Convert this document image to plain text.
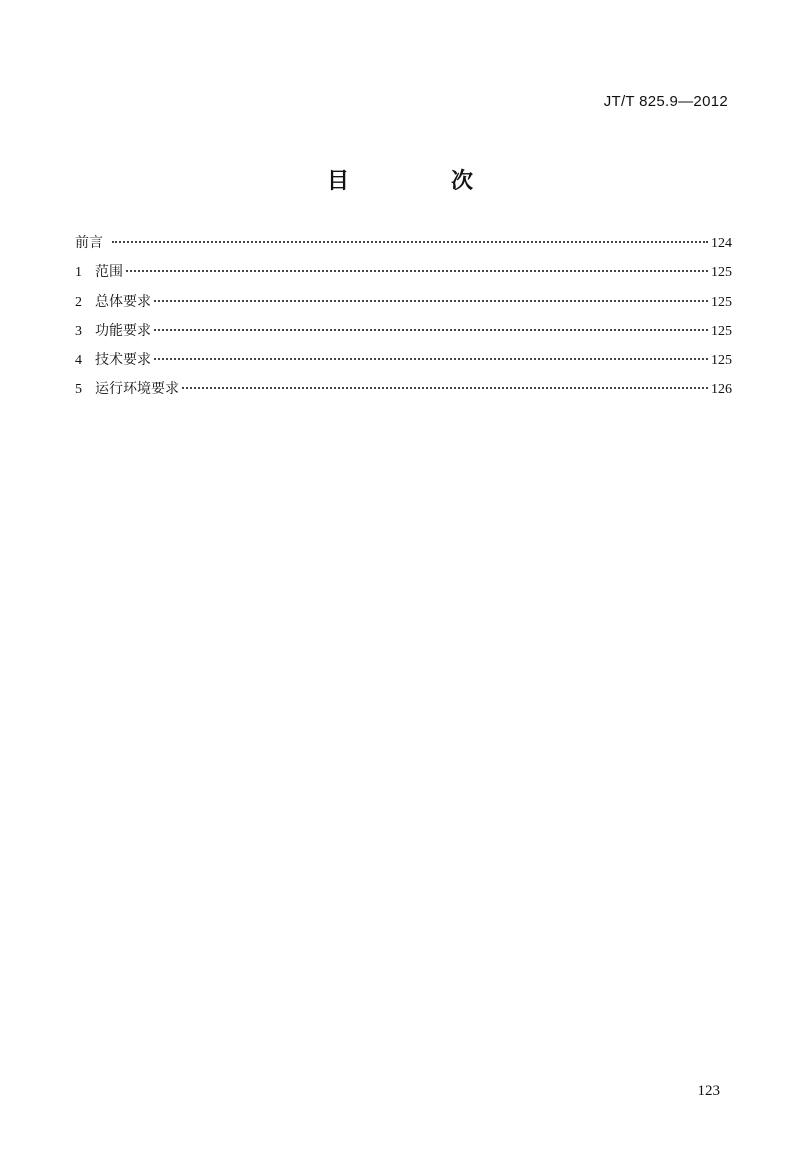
JT/T 825.9—2012
目　次
前言	124
1 范围	125
2 总体要求	125
3 功能要求	125
4 技术要求	125
5 运行环境要求	126
123
